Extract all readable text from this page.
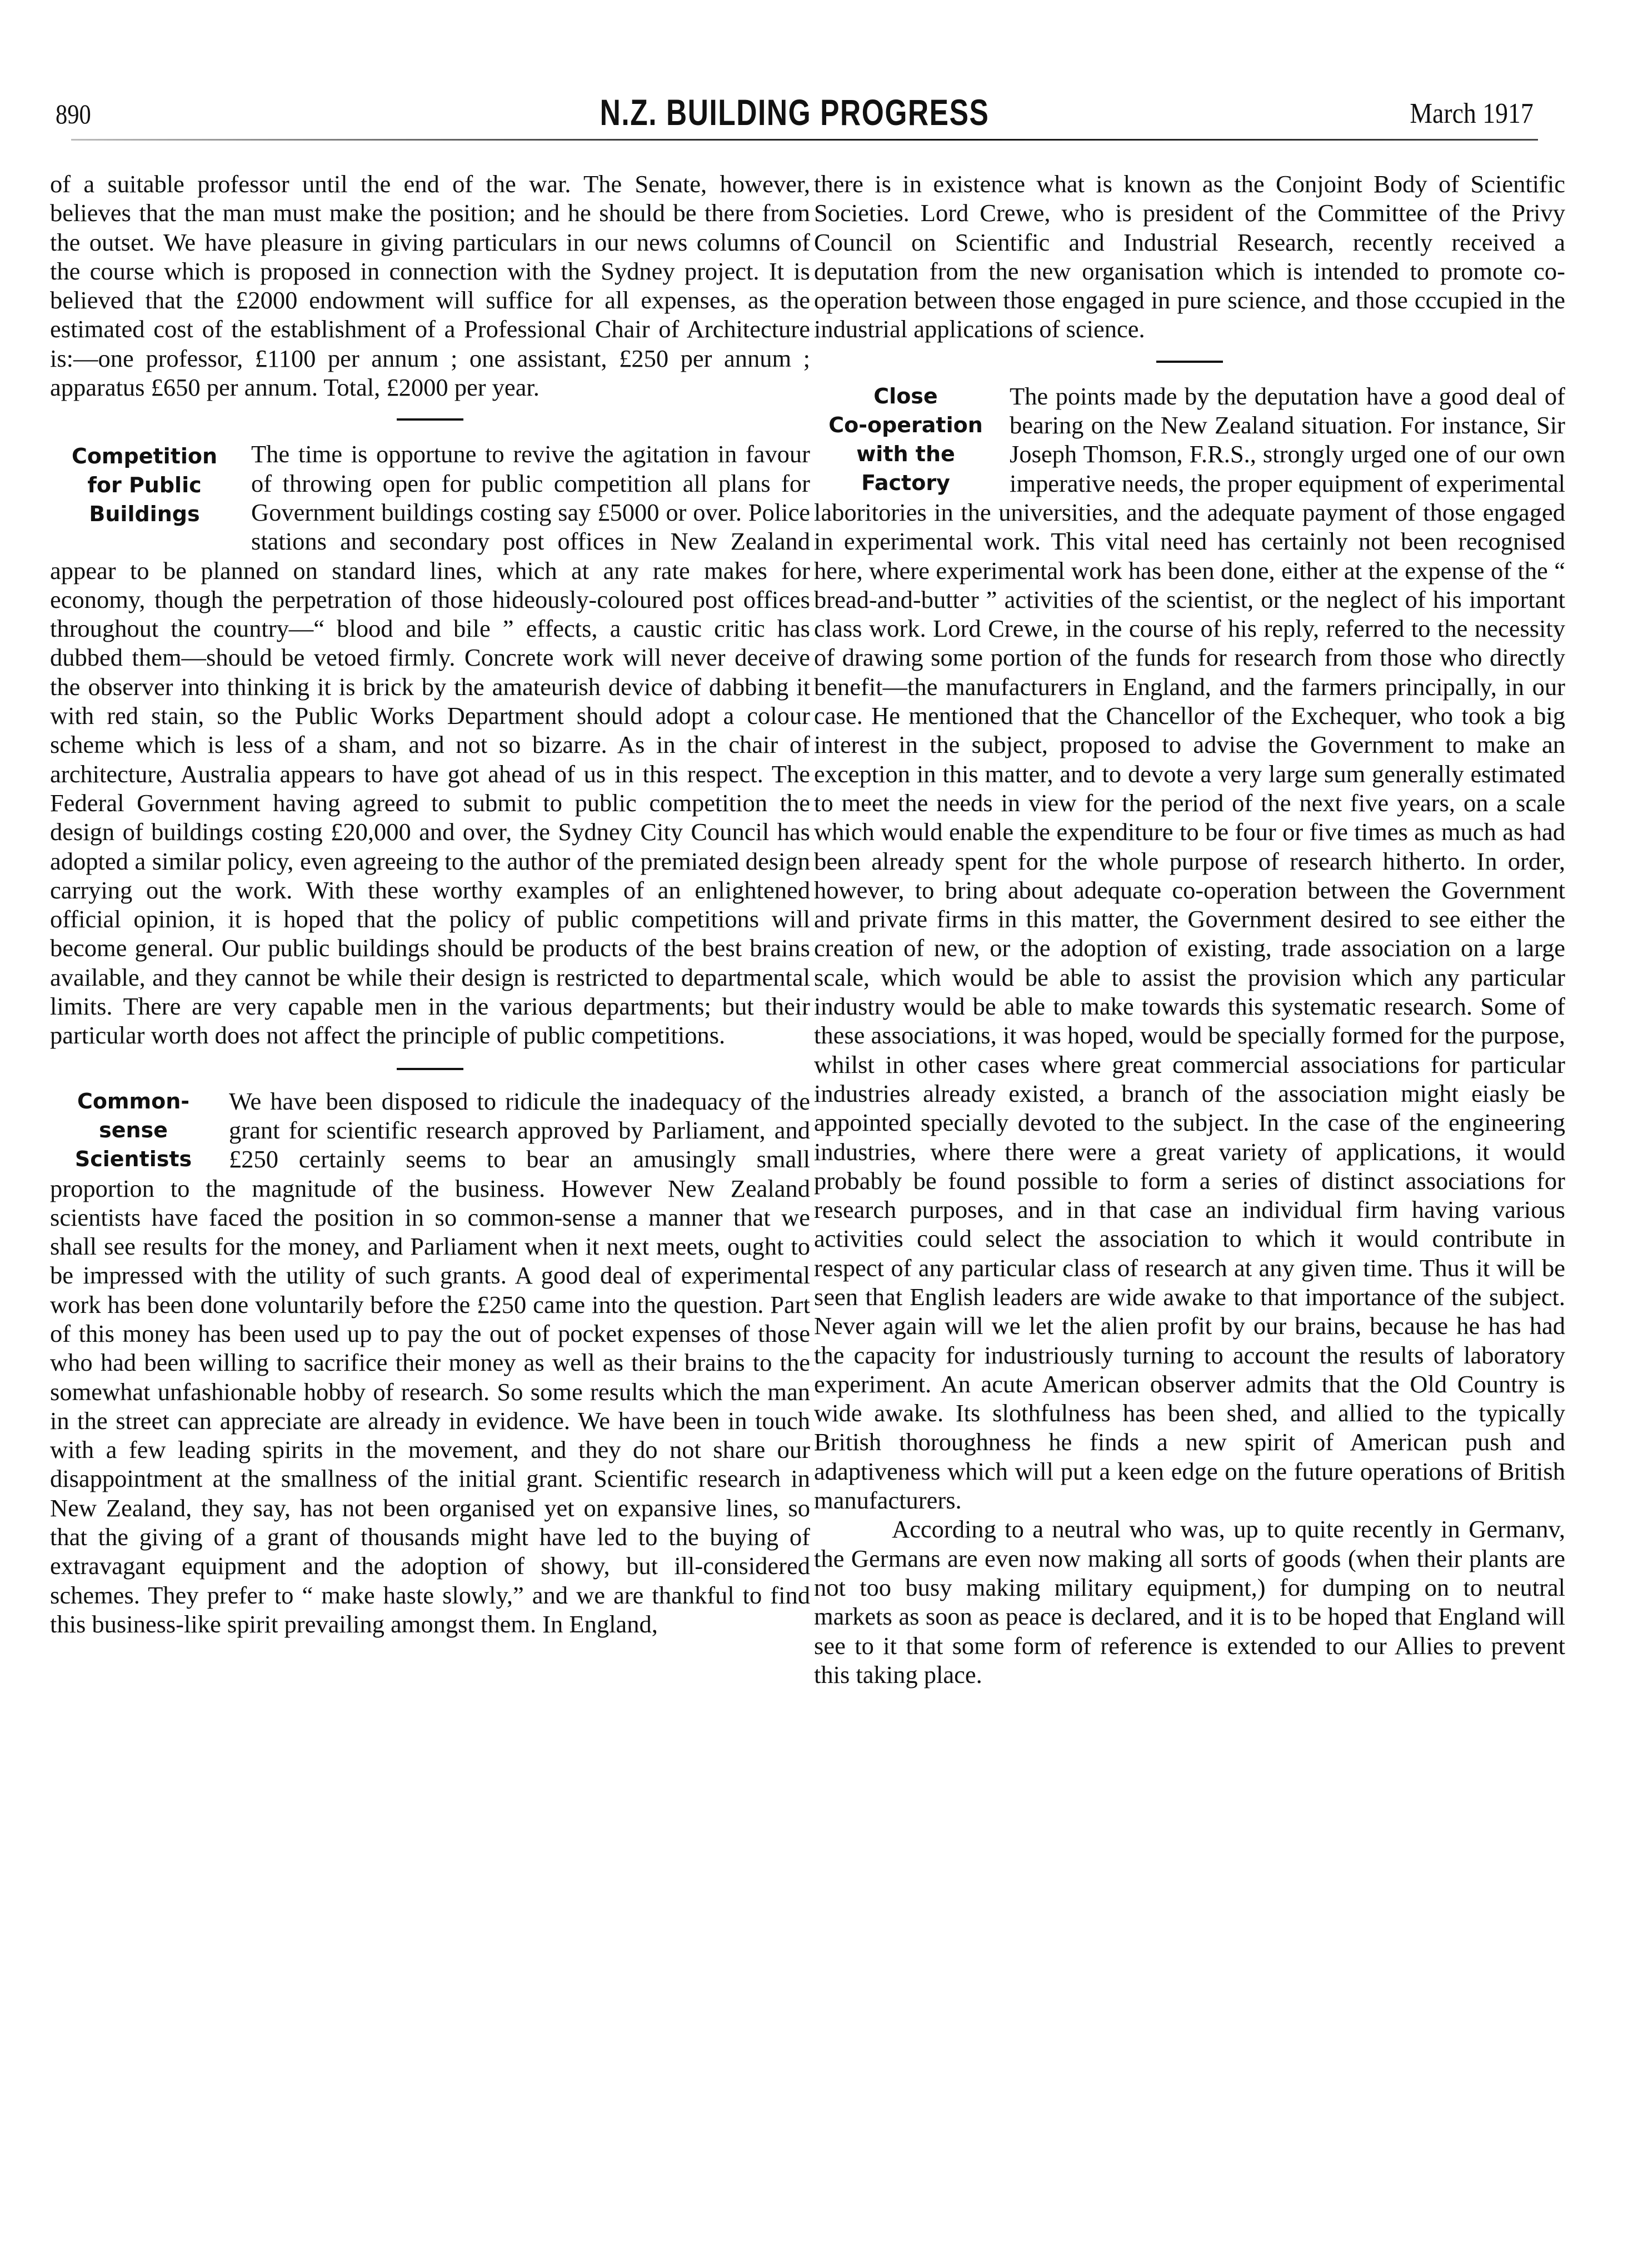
890	N.Z. BUILDING PROGRESS	March 1917

of a suitable professor until the end of the war. The Senate, however, believes that the man must make the position; and he should be there from the outset. We have pleasure in giving particulars in our news columns of the course which is proposed in connection with the Sydney project. It is believed that the £2000 endowment will suffice for all expenses, as the estimated cost of the establishment of a Professional Chair of Architecture is:—one professor, £1100 per annum ; one assistant, £250 per annum ; apparatus £650 per annum. Total, £2000 per year.

Competition
for Public
Buildings

The time is opportune to revive the agitation in favour of throwing open for public competition all plans for Government buildings costing say £5000 or over. Police stations and secondary post offices in New Zealand appear to be planned on standard lines, which at any rate makes for economy, though the perpetration of those hideously-coloured post offices throughout the country—“ blood and bile ” effects, a caustic critic has dubbed them—should be vetoed firmly. Concrete work will never deceive the observer into thinking it is brick by the amateurish device of dabbing it with red stain, so the Public Works Department should adopt a colour scheme which is less of a sham, and not so bizarre. As in the chair of architecture, Australia appears to have got ahead of us in this respect. The Federal Government having agreed to submit to public competition the design of buildings costing £20,000 and over, the Sydney City Council has adopted a similar policy, even agreeing to the author of the premiated design carrying out the work. With these worthy examples of an enlightened official opinion, it is hoped that the policy of public competitions will become general. Our public buildings should be products of the best brains available, and they cannot be while their design is restricted to departmental limits. There are very capable men in the various departments; but their particular worth does not affect the principle of public competitions.

Common-
sense
Scientists

We have been disposed to ridicule the inadequacy of the grant for scientific research approved by Parliament, and £250 certainly seems to bear an amusingly small proportion to the magnitude of the business. However New Zealand scientists have faced the position in so common-sense a manner that we shall see results for the money, and Parliament when it next meets, ought to be impressed with the utility of such grants. A good deal of experimental work has been done voluntarily before the £250 came into the question. Part of this money has been used up to pay the out of pocket expenses of those who had been willing to sacrifice their money as well as their brains to the somewhat unfashionable hobby of research. So some results which the man in the street can appreciate are already in evidence. We have been in touch with a few leading spirits in the movement, and they do not share our disappointment at the smallness of the initial grant. Scientific research in New Zealand, they say, has not been organised yet on expansive lines, so that the giving of a grant of thousands might have led to the buying of extravagant equipment and the adoption of showy, but ill-considered schemes. They prefer to “ make haste slowly,” and we are thankful to find this business-like spirit prevailing amongst them. In England,

there is in existence what is known as the Conjoint Body of Scientific Societies. Lord Crewe, who is president of the Committee of the Privy Council on Scientific and Industrial Research, recently received a deputation from the new organisation which is intended to promote co-operation between those engaged in pure science, and those cccupied in the industrial applications of science.

Close
Co-operation
with the
Factory

The points made by the deputation have a good deal of bearing on the New Zealand situation. For instance, Sir Joseph Thomson, F.R.S., strongly urged one of our own imperative needs, the proper equipment of experimental laboritories in the universities, and the adequate payment of those engaged in experimental work. This vital need has certainly not been recognised here, where experimental work has been done, either at the expense of the “ bread-and-butter ” activities of the scientist, or the neglect of his important class work. Lord Crewe, in the course of his reply, referred to the necessity of drawing some portion of the funds for research from those who directly benefit—the manufacturers in England, and the farmers principally, in our case. He mentioned that the Chancellor of the Exchequer, who took a big interest in the subject, proposed to advise the Government to make an exception in this matter, and to devote a very large sum generally estimated to meet the needs in view for the period of the next five years, on a scale which would enable the expenditure to be four or five times as much as had been already spent for the whole purpose of research hitherto. In order, however, to bring about adequate co-operation between the Government and private firms in this matter, the Government desired to see either the creation of new, or the adoption of existing, trade association on a large scale, which would be able to assist the provision which any particular industry would be able to make towards this systematic research. Some of these associations, it was hoped, would be specially formed for the purpose, whilst in other cases where great commercial associations for particular industries already existed, a branch of the association might eiasly be appointed specially devoted to the subject. In the case of the engineering industries, where there were a great variety of applications, it would probably be found possible to form a series of distinct associations for research purposes, and in that case an individual firm having various activities could select the association to which it would contribute in respect of any particular class of research at any given time. Thus it will be seen that English leaders are wide awake to that importance of the subject. Never again will we let the alien profit by our brains, because he has had the capacity for industriously turning to account the results of laboratory experiment. An acute American observer admits that the Old Country is wide awake. Its slothfulness has been shed, and allied to the typically British thoroughness he finds a new spirit of American push and adaptiveness which will put a keen edge on the future operations of British manufacturers.

According to a neutral who was, up to quite recently in Germanv, the Germans are even now making all sorts of goods (when their plants are not too busy making military equipment,) for dumping on to neutral markets as soon as peace is declared, and it is to be hoped that England will see to it that some form of reference is extended to our Allies to prevent this taking place.
